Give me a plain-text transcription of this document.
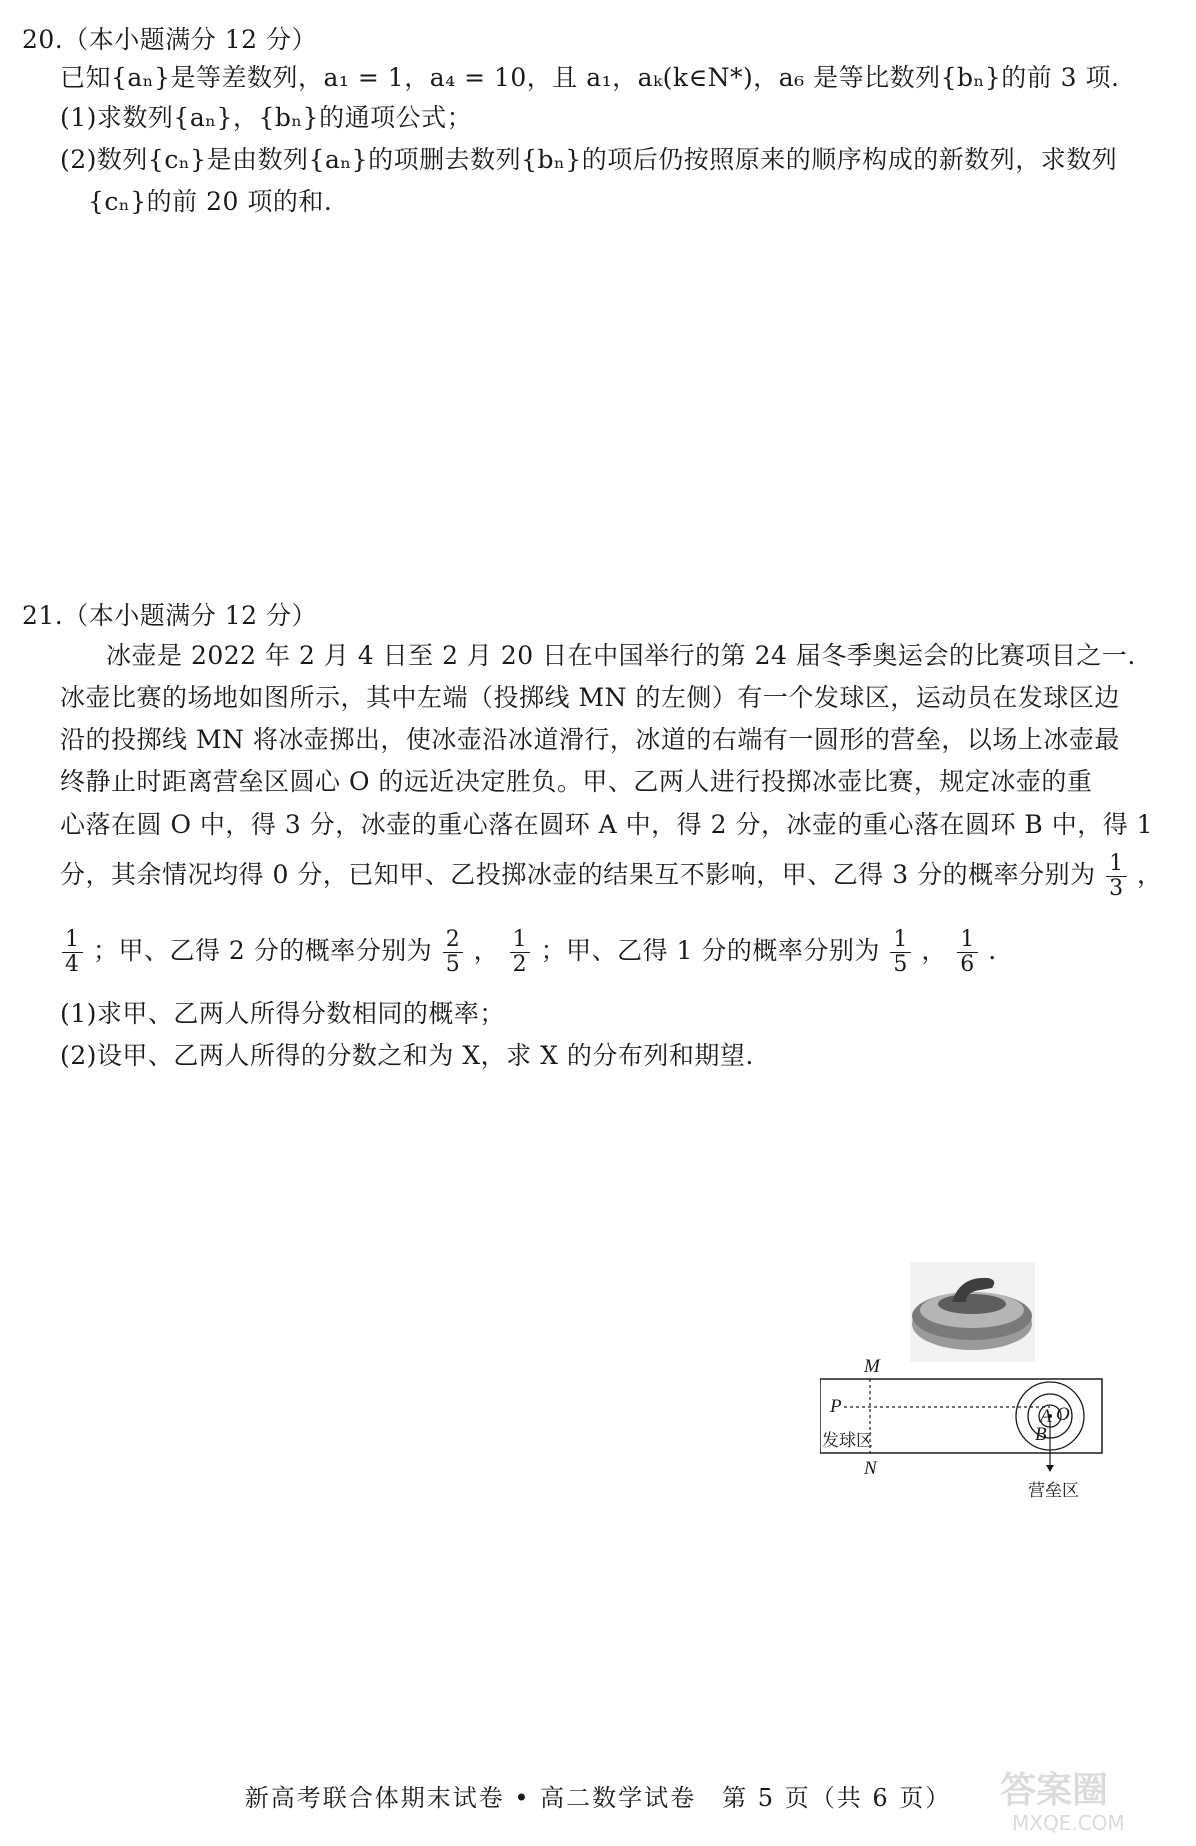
20.（本小题满分 12 分）
已知{aₙ}是等差数列，a₁ = 1，a₄ = 10，且 a₁，aₖ(k∈N*)，a₆ 是等比数列{bₙ}的前 3 项.
(1)求数列{aₙ}，{bₙ}的通项公式；
(2)数列{cₙ}是由数列{aₙ}的项删去数列{bₙ}的项后仍按照原来的顺序构成的新数列，求数列
{cₙ}的前 20 项的和.
21.（本小题满分 12 分）
冰壶是 2022 年 2 月 4 日至 2 月 20 日在中国举行的第 24 届冬季奥运会的比赛项目之一.
冰壶比赛的场地如图所示，其中左端（投掷线 MN 的左侧）有一个发球区，运动员在发球区边
沿的投掷线 MN 将冰壶掷出，使冰壶沿冰道滑行，冰道的右端有一圆形的营垒，以场上冰壶最
终静止时距离营垒区圆心 O 的远近决定胜负。甲、乙两人进行投掷冰壶比赛，规定冰壶的重
心落在圆 O 中，得 3 分，冰壶的重心落在圆环 A 中，得 2 分，冰壶的重心落在圆环 B 中，得 1
分，其余情况均得 0 分，已知甲、乙投掷冰壶的结果互不影响，甲、乙得 3 分的概率分别为 $\frac{1}{3}$ ，
$\frac{1}{4}$ ；甲、乙得 2 分的概率分别为 $\frac{2}{5}$ ， $\frac{1}{2}$ ；甲、乙得 1 分的概率分别为 $\frac{1}{5}$ ， $\frac{1}{6}$ .
(1)求甲、乙两人所得分数相同的概率；
(2)设甲、乙两人所得的分数之和为 X，求 X 的分布列和期望.
M
N
P	A
B
O
发球区
营垒区
新高考联合体期末试卷 • 高二数学试卷　第 5 页（共 6 页）	答案圈
MXQE.COM
